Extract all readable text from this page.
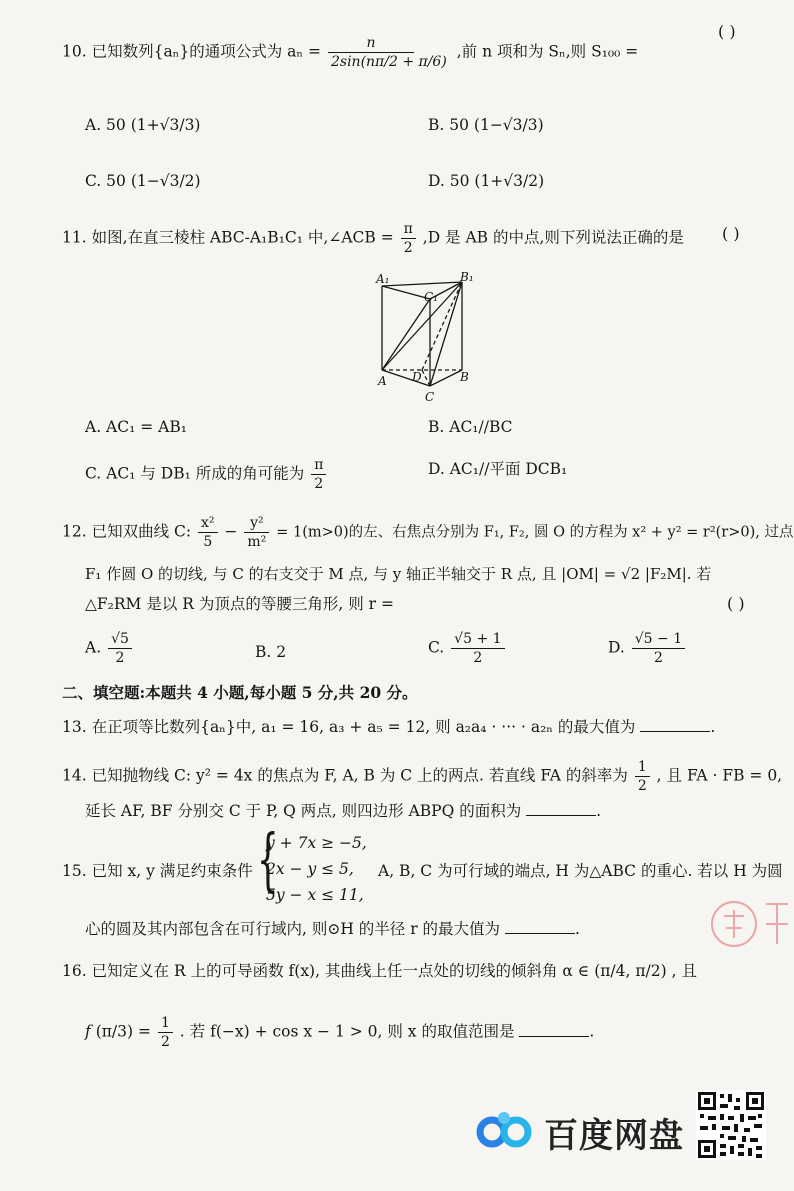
10. 已知数列{aₙ}的通项公式为 $a_n = \frac{n}{2\sin(n\pi/2 + \pi/6)}$ ,前 n 项和为 Sₙ,则 S₁₀₀ =
( )
A. 50 (1+√3/3)	B. 50 (1−√3/3)
C. 50 (1−√3/2)	D. 50 (1+√3/2)
11. 如图,在直三棱柱 ABC-A₁B₁C₁ 中,∠ACB = $\frac{\pi}{2} ,D$ 是 AB 的中点,则下列说法正确的是 ( )
A₁	B₁
C₁
A	B
C
D
A. AC₁ = AB₁	B. AC₁//BC
C. AC₁ 与 DB₁ 所成的角可能为 $\frac{\pi}{2}$	D. AC₁//平面 DCB₁
12. 已知双曲线 C: $\frac{\text{x²}}{5} - \frac{\text{y²}}{\text{m²}} = 1(m>0)$的左、右焦点分别为 F₁, F₂, 圆 O 的方程为 x² + y² = r²(r>0), 过点
F₁ 作圆 O 的切线, 与 C 的右支交于 M 点, 与 y 轴正半轴交于 R 点, 且 |OM| = √2 |F₂M|. 若
△F₂RM 是以 R 为顶点的等腰三角形, 则 r =	( )
A. $\frac{√5}{2}$	B. 2	C. $\frac{√5 + 1}{2}$	D. $\frac{√5 - 1}{2}$
二、填空题:本题共 4 小题,每小题 5 分,共 20 分。
13. 在正项等比数列{aₙ}中, a₁ = 16, a₃ + a₅ = 12, 则 a₂a₄ · ··· · a₂ₙ 的最大值为	.
14. 已知抛物线 C: y² = 4x 的焦点为 F, A, B 为 C 上的两点. 若直线 FA 的斜率为 $\frac{1}{2}$ , 且 FA · FB = 0,
延长 AF, BF 分别交 C 于 P, Q 两点, 则四边形 ABPQ 的面积为	.
15. 已知 x, y 满足约束条件 {
y + 7x ≥ −5,
2x − y ≤ 5,
5y − x ≤ 11,
A, B, C 为可行域的端点, H 为△ABC 的重心. 若以 H 为圆
心的圆及其内部包含在可行域内, 则⊙H 的半径 r 的最大值为	.
16. 已知定义在 R 上的可导函数 f(x), 其曲线上任一点处的切线的倾斜角 α ∈ (π/4, π/2) , 且
f $(\pi/3) = \frac{1}{2}$ . 若 f(−x) + cos x − 1 > 0, 则 x 的取值范围是	.
百度网盘
